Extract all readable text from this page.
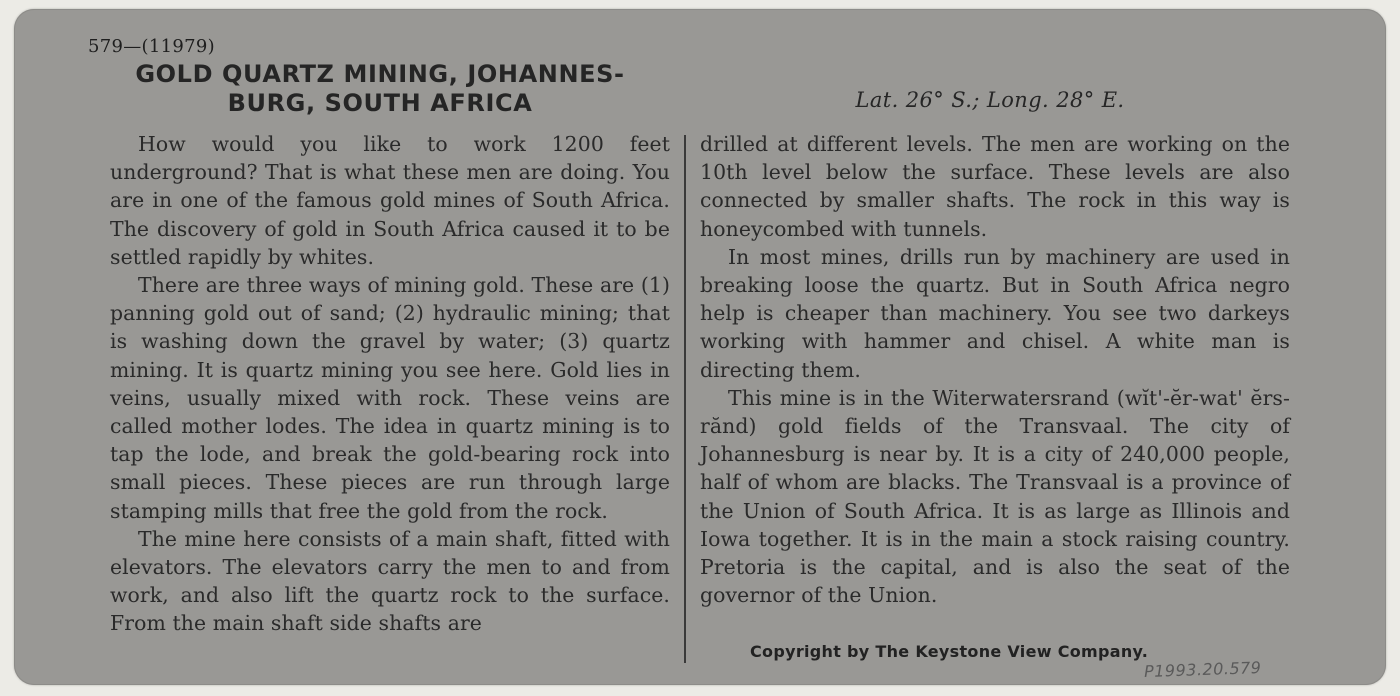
579—(11979)
GOLD QUARTZ MINING, JOHANNES-
BURG, SOUTH AFRICA	Lat. 26° S.; Long. 28° E.

How would you like to work 1200 feet underground? That is what these men are doing. You are in one of the famous gold mines of South Africa. The discovery of gold in South Africa caused it to be settled rapidly by whites.

There are three ways of mining gold. These are (1) panning gold out of sand; (2) hydraulic mining; that is washing down the gravel by water; (3) quartz mining. It is quartz mining you see here. Gold lies in veins, usually mixed with rock. These veins are called mother lodes. The idea in quartz mining is to tap the lode, and break the gold-bearing rock into small pieces. These pieces are run through large stamping mills that free the gold from the rock.

The mine here consists of a main shaft, fitted with elevators. The elevators carry the men to and from work, and also lift the quartz rock to the surface. From the main shaft side shafts are

drilled at different levels. The men are working on the 10th level below the surface. These levels are also connected by smaller shafts. The rock in this way is honeycombed with tunnels.

In most mines, drills run by machinery are used in breaking loose the quartz. But in South Africa negro help is cheaper than machinery. You see two darkeys working with hammer and chisel. A white man is directing them.

This mine is in the Witerwatersrand (wĭt'-ĕr-wat' ĕrs-rănd) gold fields of the Transvaal. The city of Johannesburg is near by. It is a city of 240,000 people, half of whom are blacks. The Transvaal is a province of the Union of South Africa. It is as large as Illinois and Iowa together. It is in the main a stock raising country. Pretoria is the capital, and is also the seat of the governor of the Union.

Copyright by The Keystone View Company.
P1993.20.579
